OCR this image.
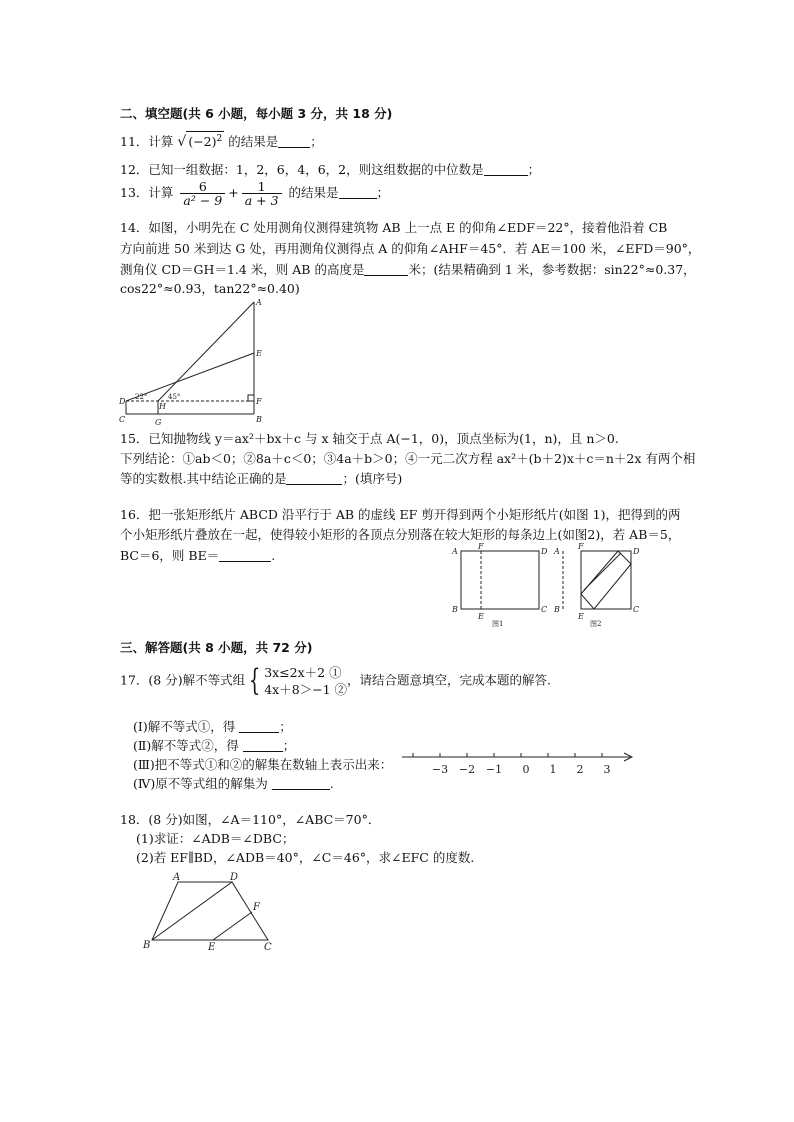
二、填空题(共 6 小题，每小题 3 分，共 18 分)
11．计算 √ $(-2)^2$ 的结果是	；
12．已知一组数据：1，2，6，4，6，2，则这组数据的中位数是	；
13．计算 $\frac{6}{\text{a² − 9}} + \frac{1}{a + 3}$ 的结果是	；
14．如图，小明先在 C 处用测角仪测得建筑物 AB 上一点 E 的仰角∠EDF＝22°，接着他沿着 CB
方向前进 50 米到达 G 处，再用测角仪测得点 A 的仰角∠AHF＝45°．若 AE＝100 米，∠EFD＝90°，
测角仪 CD＝GH＝1.4 米，则 AB 的高度是	米；(结果精确到 1 米，参考数据：sin22°≈0.37，
cos22°≈0.93，tan22°≈0.40)
A
E
F
B
D
H
C	G
22°	45°
15．已知抛物线 y＝ax²＋bx＋c 与 x 轴交于点 A(−1，0)，顶点坐标为(1，n)，且 n＞0.
下列结论：①ab＜0；②8a＋c＜0；③4a＋b＞0；④一元二次方程 ax²＋(b＋2)x＋c＝n＋2x 有两个相
等的实数根.其中结论正确的是	；(填序号)
16．把一张矩形纸片 ABCD 沿平行于 AB 的虚线 EF 剪开得到两个小矩形纸片(如图 1)，把得到的两
个小矩形纸片叠放在一起，使得较小矩形的各顶点分别落在较大矩形的每条边上(如图2)，若 AB＝5，
BC＝6，则 BE＝	.	A
F
D
B
E
C
图1
A
F
D
B
E
C
图2
三、解答题(共 8 小题，共 72 分)
17．(8 分)解不等式组 { 3x≤2x＋2 ①
4x＋8＞−1 ②
，请结合题意填空，完成本题的解答.
(Ⅰ)解不等式①，得	；
(Ⅱ)解不等式②，得	；
(Ⅲ)把不等式①和②的解集在数轴上表示出来：
(Ⅳ)原不等式组的解集为	.
−3 −2 −1 0 1 2 3
18．(8 分)如图，∠A＝110°，∠ABC＝70°．
(1)求证：∠ADB＝∠DBC；
(2)若 EF∥BD，∠ADB＝40°，∠C＝46°，求∠EFC 的度数.
A	D
F
B	E	C
